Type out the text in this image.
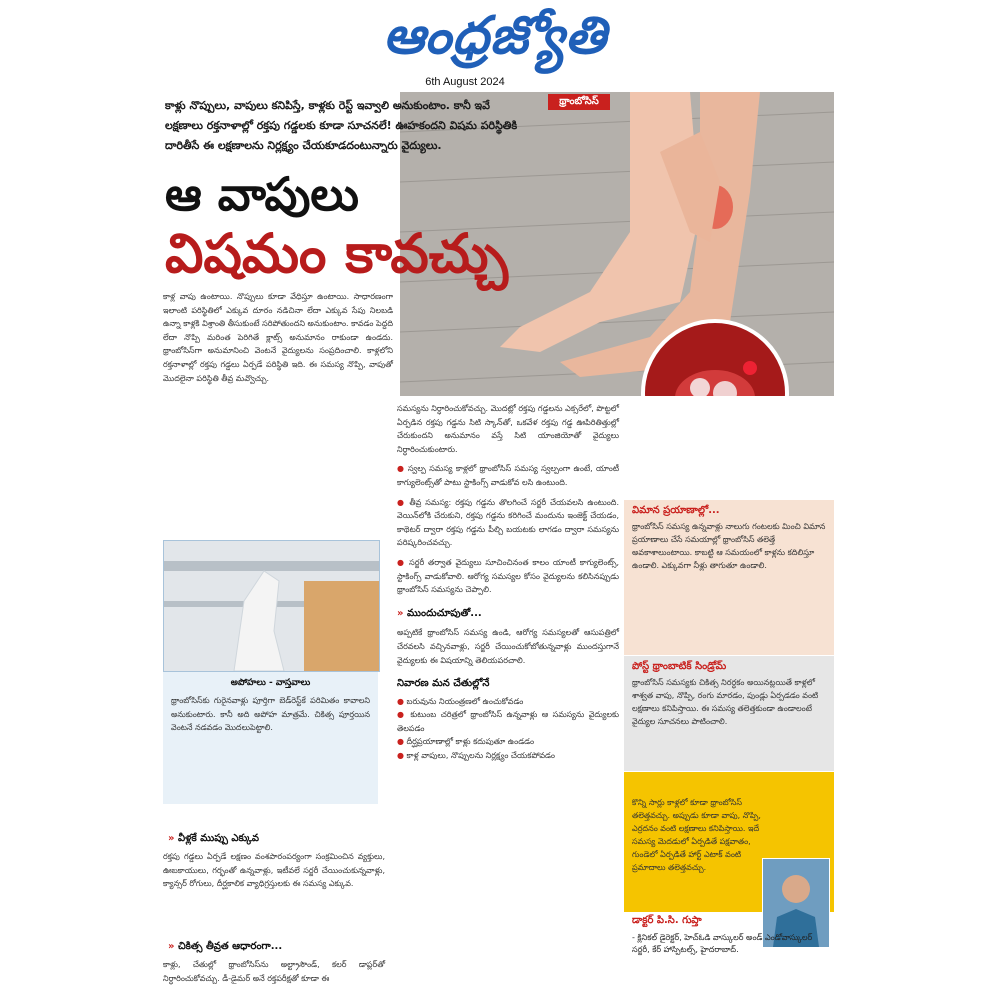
ఆంధ్రజ్యోతి
6th August 2024
థ్రాంబోసిస్
కాళ్లు నొప్పులు, వాపులు కనిపిస్తే, కాళ్లకు రెస్ట్ ఇవ్వాలి అనుకుంటాం. కానీ ఇవే లక్షణాలు రక్తనాళాల్లో రక్తపు గడ్డలకు కూడా సూచనలే! ఊహకందని విషమ పరిస్థితికి దారితీసే ఈ లక్షణాలను నిర్లక్ష్యం చేయకూడదంటున్నారు వైద్యులు.
ఆ వాపులు
విషమం కావచ్చు
కాళ్ల వాపు ఉంటాయి. నొప్పులు కూడా వేధిస్తూ ఉంటాయి. సాధారణంగా ఇలాంటి పరిస్థితిలో ఎక్కువ దూరం నడిచినా లేదా ఎక్కువ సేపు నిలబడి ఉన్నా కాళ్లకి విశ్రాంతి తీసుకుంటే సరిపోతుందని అనుకుంటాం. కావడం పెద్దది లేదా నొప్పి మరింత పెరిగితే క్లాట్స్ అనుమానం రాకుండా ఉండదు. థ్రాంబోసిస్‌గా అనుమానించి వెంటనే వైద్యులను సంప్రదించాలి. కాళ్లలోని రక్తనాళాల్లో రక్తపు గడ్డలు ఏర్పడే పరిస్థితి ఇది. ఈ సమస్య నొప్పి, వాపుతో మొదలైనా పరిస్థితి తీవ్ర మవ్వొచ్చు.
అపోహలు - వాస్తవాలు
థ్రాంబోసిస్‌కు గురైనవాళ్లు పూర్తిగా బెడ్‌రెస్ట్‌కే పరిమితం కావాలని అనుకుంటారు. కానీ అది అపోహ మాత్రమే. చికిత్స పూర్తయిన వెంటనే నడవడం మొదలుపెట్టాలి.
» వీళ్లకే ముప్పు ఎక్కువ
రక్తపు గడ్డలు ఏర్పడే లక్షణం వంశపారంపర్యంగా సంక్రమించిన వ్యక్తులు, ఊబకాయులు, గర్భంతో ఉన్నవాళ్లు, ఇటీవలే సర్జరీ చేయించుకున్నవాళ్లు, క్యాన్సర్ రోగులు, దీర్ఘకాలిక వ్యాధిగ్రస్తులకు ఈ సమస్య ఎక్కువ.
» చికిత్స తీవ్రత ఆధారంగా...
కాళ్లు, చేతుల్లో థ్రాంబోసిస్‌ను అల్ట్రాసౌండ్, కలర్ డాప్లర్‌తో నిర్ధారించుకోవచ్చు. డీ-డైమర్ అనే రక్తపరీక్షతో కూడా ఈ
సమస్యను నిర్ధారించుకోవచ్చు. మొదట్లో రక్తపు గడ్డలను ఎక్సరేలో, పొట్టలో ఏర్పడిన రక్తపు గడ్డను సిటి స్కాన్‌తో, ఒకవేళ రక్తపు గడ్డ ఊపిరితిత్తుల్లో చేరుకుందని అనుమానం వస్తే సిటి యాంజియోతో వైద్యులు నిర్ధారించుకుంటారు.
● స్వల్ప సమస్య కాళ్లలో థ్రాంబోసిస్ సమస్య స్వల్పంగా ఉంటే, యాంటీ కాగ్యులెంట్స్‌తో పాటు స్టాకింగ్స్ వాడుకోవ లసి ఉంటుంది.
● తీవ్ర సమస్య: రక్తపు గడ్డను తొలగించే సర్జరీ చేయవలసి ఉంటుంది. వెయిన్‌లోకి చేరుకుని, రక్తపు గడ్డను కరిగించే మందును ఇంజెక్ట్ చేయడం, కాథెటర్ ద్వారా రక్తపు గడ్డను పీల్చి బయటకు లాగడం ద్వారా సమస్యను పరిష్కరించవచ్చు.
● సర్జరీ తర్వాత వైద్యులు సూచించినంత కాలం యాంటీ కాగ్యులెంట్స్, స్టాకింగ్స్ వాడుకోవాలి. ఆరోగ్య సమస్యల కోసం వైద్యులను కలిసినప్పుడు థ్రాంబోసిస్ సమస్యను చెప్పాలి.
» ముందుచూపుతో...
అప్పటికే థ్రాంబోసిస్ సమస్య ఉండి, ఆరోగ్య సమస్యలతో ఆసుపత్రిలో చేరవలసి వచ్చినవాళ్లు, సర్జరీ చేయించుకోబోతున్నవాళ్లు ముందస్తుగానే వైద్యులకు ఈ విషయాన్ని తెలియపరచాలి.
నివారణ మన చేతుల్లోనే
● బరువును నియంత్రణలో ఉంచుకోవడం
● కుటుంబ చరిత్రలో థ్రాంబోసిస్ ఉన్నవాళ్లు ఆ సమస్యను వైద్యులకు తెలపడం
● దీర్ఘప్రయాణాల్లో కాళ్లు కదుపుతూ ఉండడం
● కాళ్ల వాపులు, నొప్పులను నిర్లక్ష్యం చేయకపోవడం
విమాన ప్రయాణాల్లో...
థ్రాంబోసిస్ సమస్య ఉన్నవాళ్లు నాలుగు గంటలకు మించి విమాన ప్రయాణాలు చేసే సమయాల్లో థ్రాంబోసిస్ తలెత్తే అవకాశాలుంటాయి. కాబట్టి ఆ సమయంలో కాళ్లను కదిలిస్తూ ఉండాలి. ఎక్కువగా నీళ్లు తాగుతూ ఉండాలి.
పోస్ట్ థ్రాంబాటిక్ సిండ్రోమ్
థ్రాంబోసిస్ సమస్యకు చికిత్స నిరర్ధకం అయినట్లయితే కాళ్లలో శాశ్వత వాపు, నొప్పి, రంగు మారడం, పుండ్లు ఏర్పడడం వంటి లక్షణాలు కనిపిస్తాయి. ఈ సమస్య తలెత్తకుండా ఉండాలంటే వైద్యుల సూచనలు పాటించాలి.
కొన్ని సార్లు కాళ్లలో కూడా థ్రాంబోసిస్ తలెత్తవచ్చు. అప్పుడు కూడా వాపు, నొప్పి, ఎర్రదనం వంటి లక్షణాలు కనిపిస్తాయి. ఇదే సమస్య మెదడులో ఏర్పడితే పక్షవాతం, గుండెలో ఏర్పడితే హార్ట్ ఎటాక్ వంటి ప్రమాదాలు తలెత్తవచ్చు.
డాక్టర్ పి.సి. గుప్తా
- క్లినికల్ డైరెక్టర్, హెచ్‌ఓడి వాస్కులర్ అండ్ ఎండోవాస్కులర్ సర్జరీ, కేర్ హాస్పిటల్స్, హైదరాబాద్.
